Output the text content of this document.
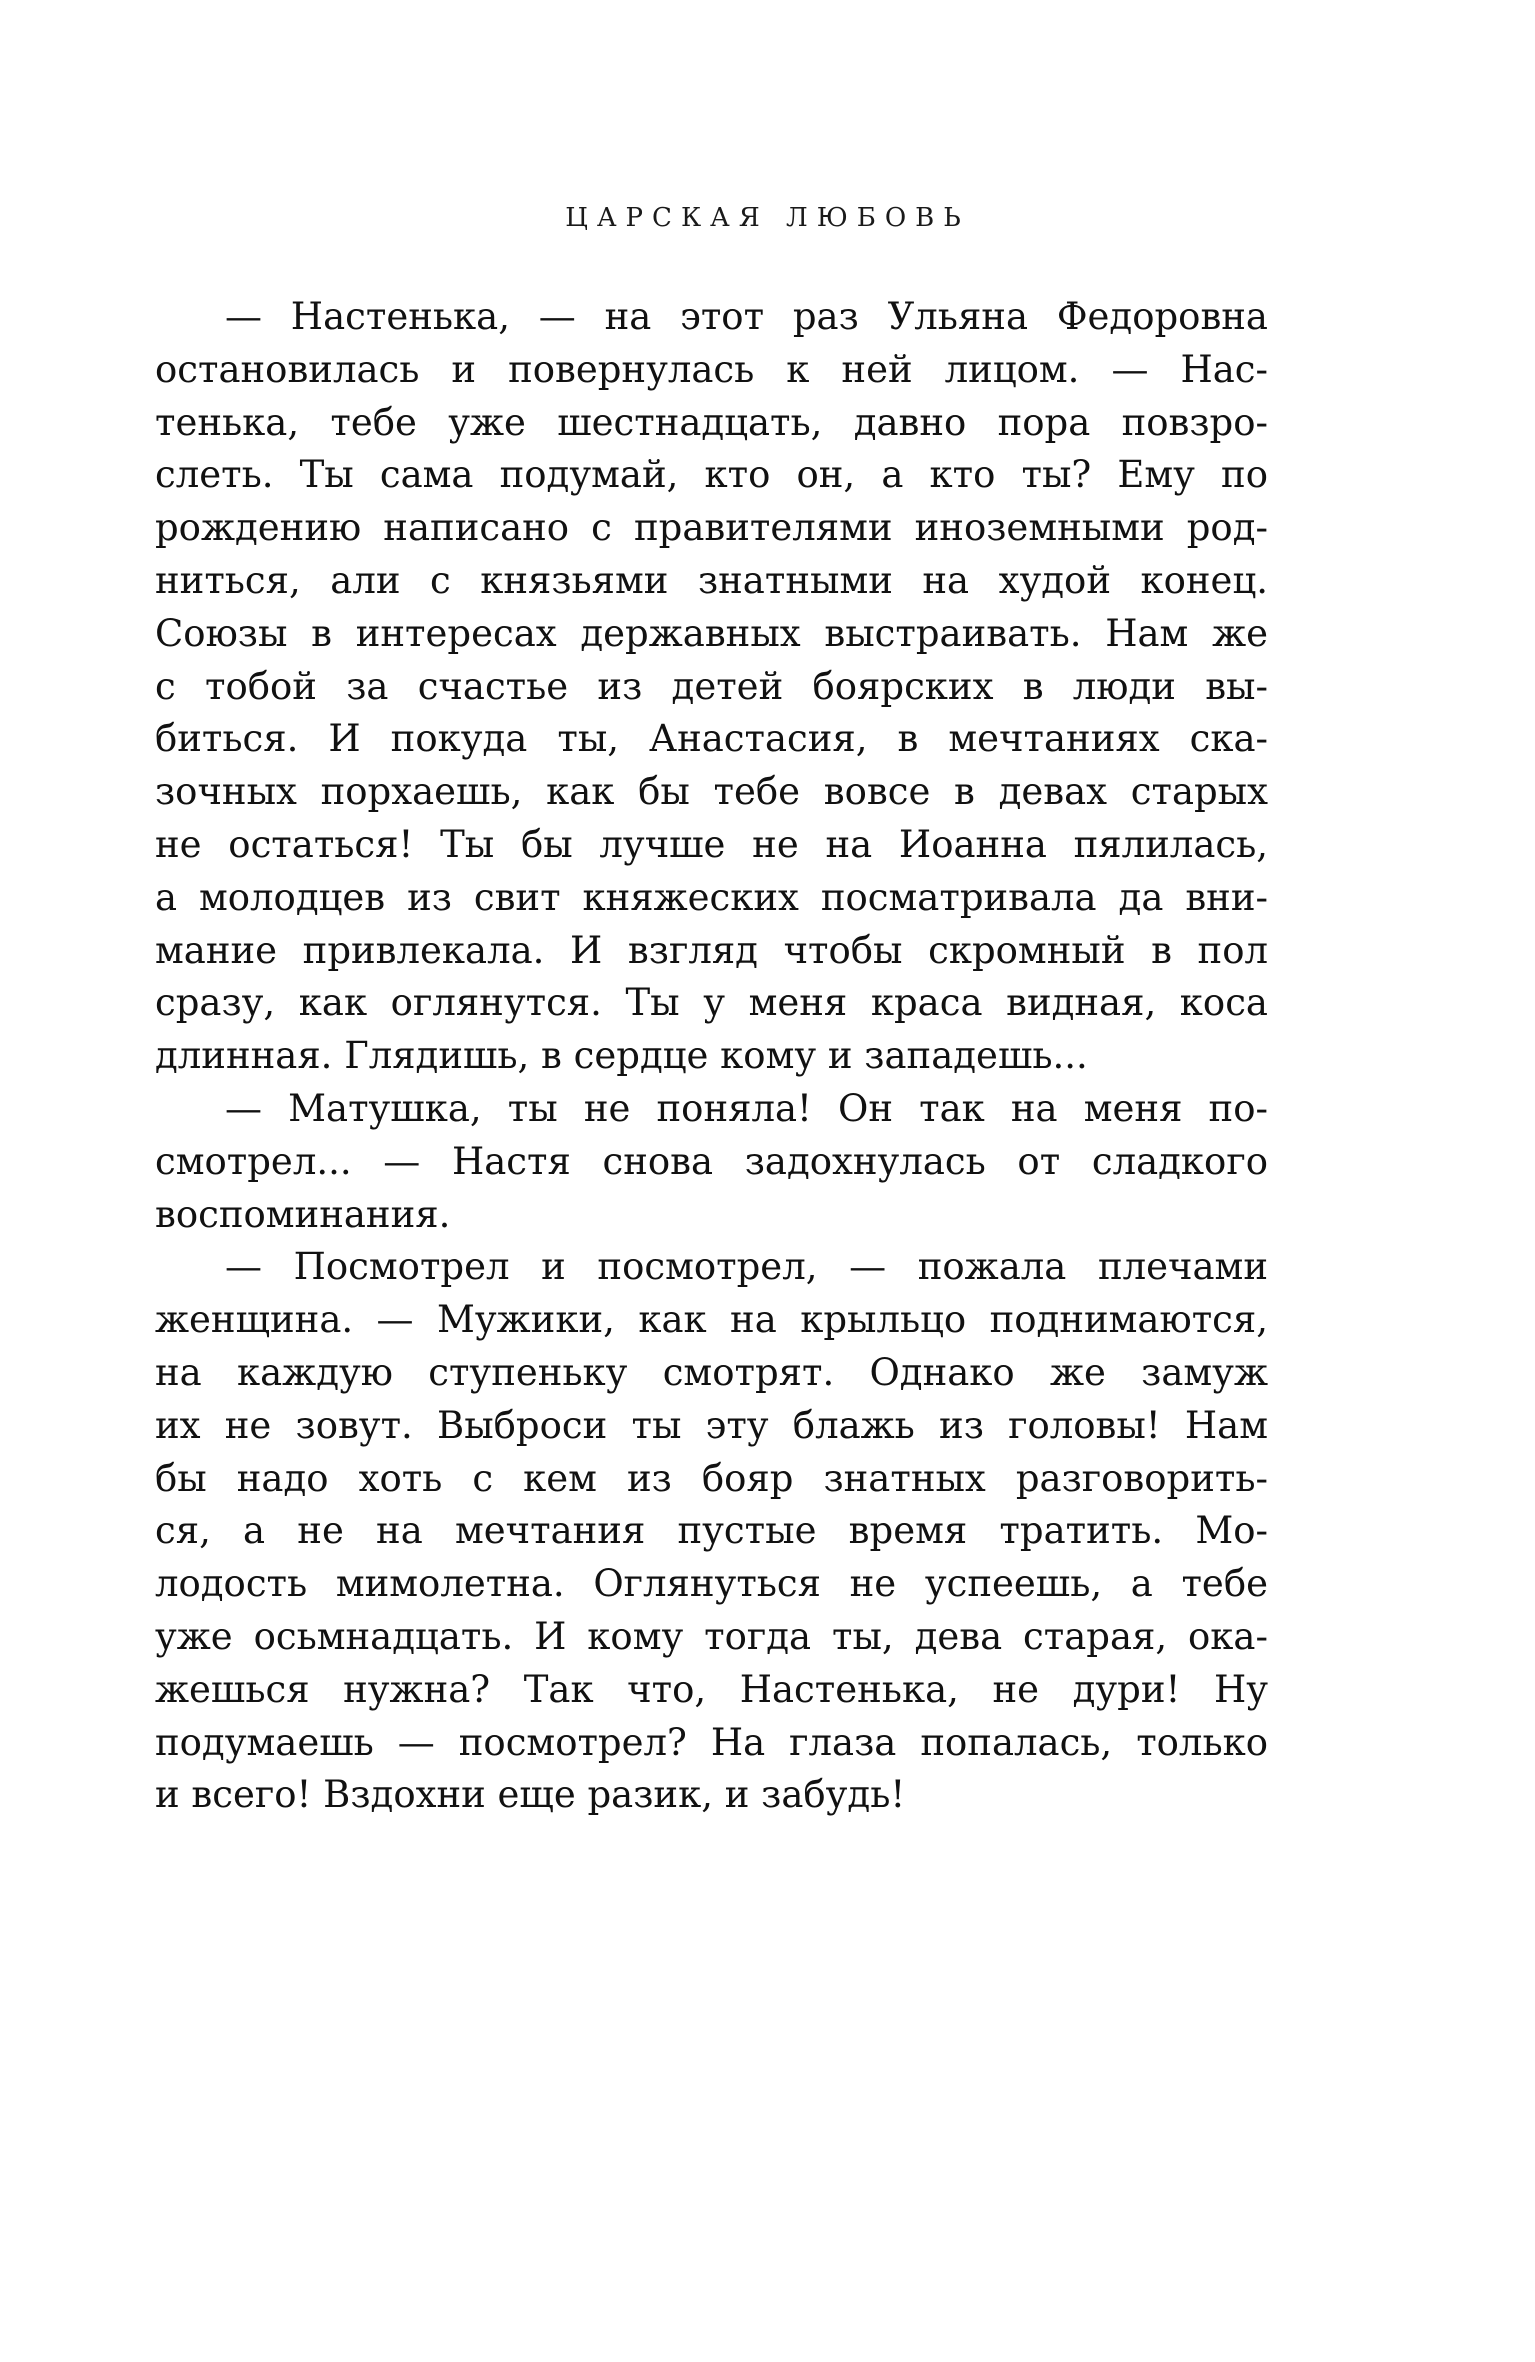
ЦАРСКАЯ ЛЮБОВЬ
— Настенька, — на этот раз Ульяна Федоровна
остановилась и повернулась к ней лицом. — Нас-
тенька, тебе уже шестнадцать, давно пора повзро-
слеть. Ты сама подумай, кто он, а кто ты? Ему по
рождению написано с правителями иноземными род-
ниться, али с князьями знатными на худой конец.
Союзы в интересах державных выстраивать. Нам же
с тобой за счастье из детей боярских в люди вы-
биться. И покуда ты, Анастасия, в мечтаниях ска-
зочных порхаешь, как бы тебе вовсе в девах старых
не остаться! Ты бы лучше не на Иоанна пялилась,
а молодцев из свит княжеских посматривала да вни-
мание привлекала. И взгляд чтобы скромный в пол
сразу, как оглянутся. Ты у меня краса видная, коса
длинная. Глядишь, в сердце кому и западешь...
— Матушка, ты не поняла! Он так на меня по-
смотрел... — Настя снова задохнулась от сладкого
воспоминания.
— Посмотрел и посмотрел, — пожала плечами
женщина. — Мужики, как на крыльцо поднимаются,
на каждую ступеньку смотрят. Однако же замуж
их не зовут. Выброси ты эту блажь из головы! Нам
бы надо хоть с кем из бояр знатных разговорить-
ся, а не на мечтания пустые время тратить. Мо-
лодость мимолетна. Оглянуться не успеешь, а тебе
уже осьмнадцать. И кому тогда ты, дева старая, ока-
жешься нужна? Так что, Настенька, не дури! Ну
подумаешь — посмотрел? На глаза попалась, только
и всего! Вздохни еще разик, и забудь!
